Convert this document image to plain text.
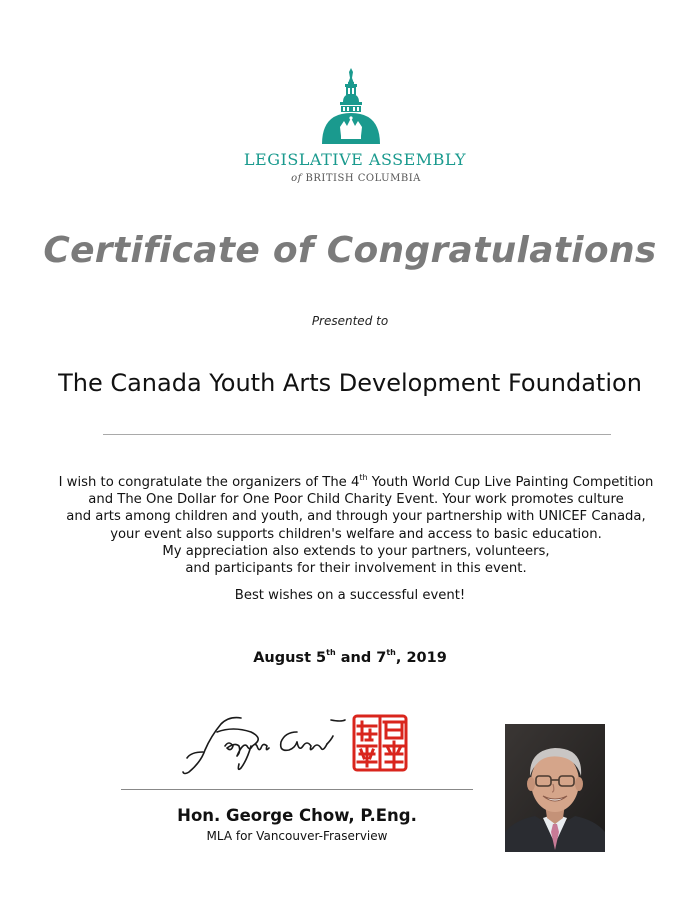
LEGISLATIVE ASSEMBLY
of BRITISH COLUMBIA
Certificate of Congratulations
Presented to
The Canada Youth Arts Development Foundation
I wish to congratulate the organizers of The 4th Youth World Cup Live Painting Competition
and The One Dollar for One Poor Child Charity Event. Your work promotes culture
and arts among children and youth, and through your partnership with UNICEF Canada,
your event also supports children's welfare and access to basic education.
My appreciation also extends to your partners, volunteers,
and participants for their involvement in this event.
Best wishes on a successful event!
August 5th and 7th, 2019
Hon. George Chow, P.Eng.
MLA for Vancouver-Fraserview
